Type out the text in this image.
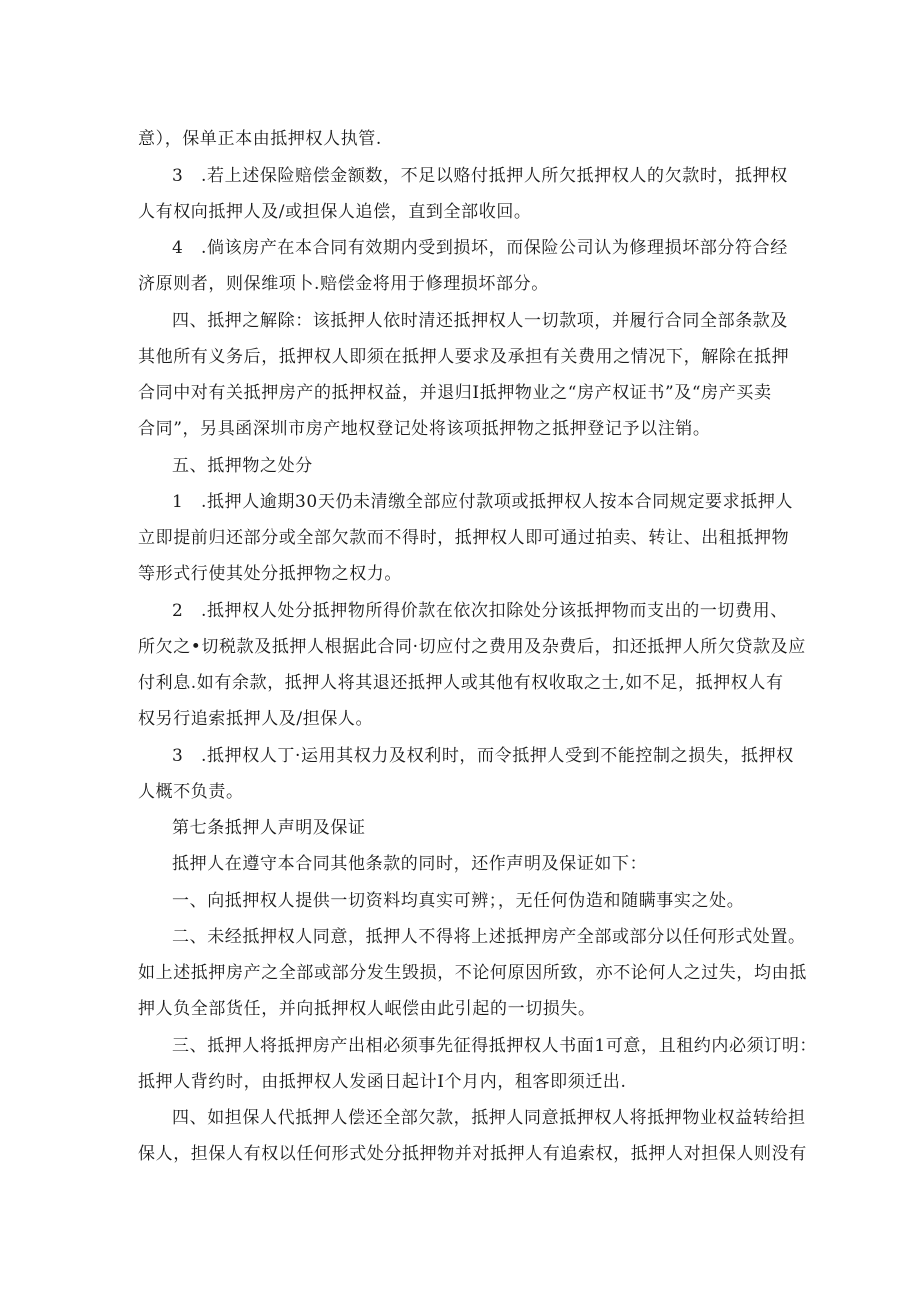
意），保单正本由抵押权人执管.
3　.若上述保险赔偿金额数，不足以赂付抵押人所欠抵押权人的欠款时，抵押权
人有权向抵押人及/或担保人追偿，直到全部收回。
4　.倘该房产在本合同有效期内受到损坏，而保险公司认为修理损坏部分符合经
济原则者，则保维项卜.赔偿金将用于修理损坏部分。
四、抵押之解除：该抵押人依时清还抵押权人一切款项，并履行合同全部条款及
其他所有义务后，抵押权人即须在抵押人要求及承担有关费用之情况下，解除在抵押
合同中对有关抵押房产的抵押权益，并退归I抵押物业之“房产权证书”及“房产买卖
合同”，另具函深圳市房产地权登记处将该项抵押物之抵押登记予以注销。
五、抵押物之处分
1　.抵押人逾期30天仍未清缴全部应付款项或抵押权人按本合同规定要求抵押人
立即提前归还部分或全部欠款而不得时，抵押权人即可通过拍卖、转让、出租抵押物
等形式行使其处分抵押物之权力。
2　.抵押权人处分抵押物所得价款在依次扣除处分该抵押物而支出的一切费用、
所欠之•切税款及抵押人根据此合同·切应付之费用及杂费后，扣还抵押人所欠贷款及应
付利息.如有余款，抵押人将其退还抵押人或其他有权收取之士,如不足，抵押权人有
权另行追索抵押人及/担保人。
3　.抵押权人丁·运用其权力及权利时，而令抵押人受到不能控制之损失，抵押权
人概不负责。
第七条抵押人声明及保证
抵押人在遵守本合同其他条款的同时，还作声明及保证如下：
一、向抵押权人提供一切资料均真实可辨；，无任何伪造和随瞒事实之处。
二、未经抵押权人同意，抵押人不得将上述抵押房产全部或部分以任何形式处置。
如上述抵押房产之全部或部分发生毁损，不论何原因所致，亦不论何人之过失，均由抵
押人负全部货任，并向抵押权人岷偿由此引起的一切损失。
三、抵押人将抵押房产出相必须事先征得抵押权人书面1可意，且租约内必须订明：
抵押人背约时，由抵押权人发函日起计I个月内，租客即须迁出.
四、如担保人代抵押人偿还全部欠款，抵押人同意抵押权人将抵押物业权益转给担
保人，担保人有权以任何形式处分抵押物并对抵押人有追索权，抵押人对担保人则没有
